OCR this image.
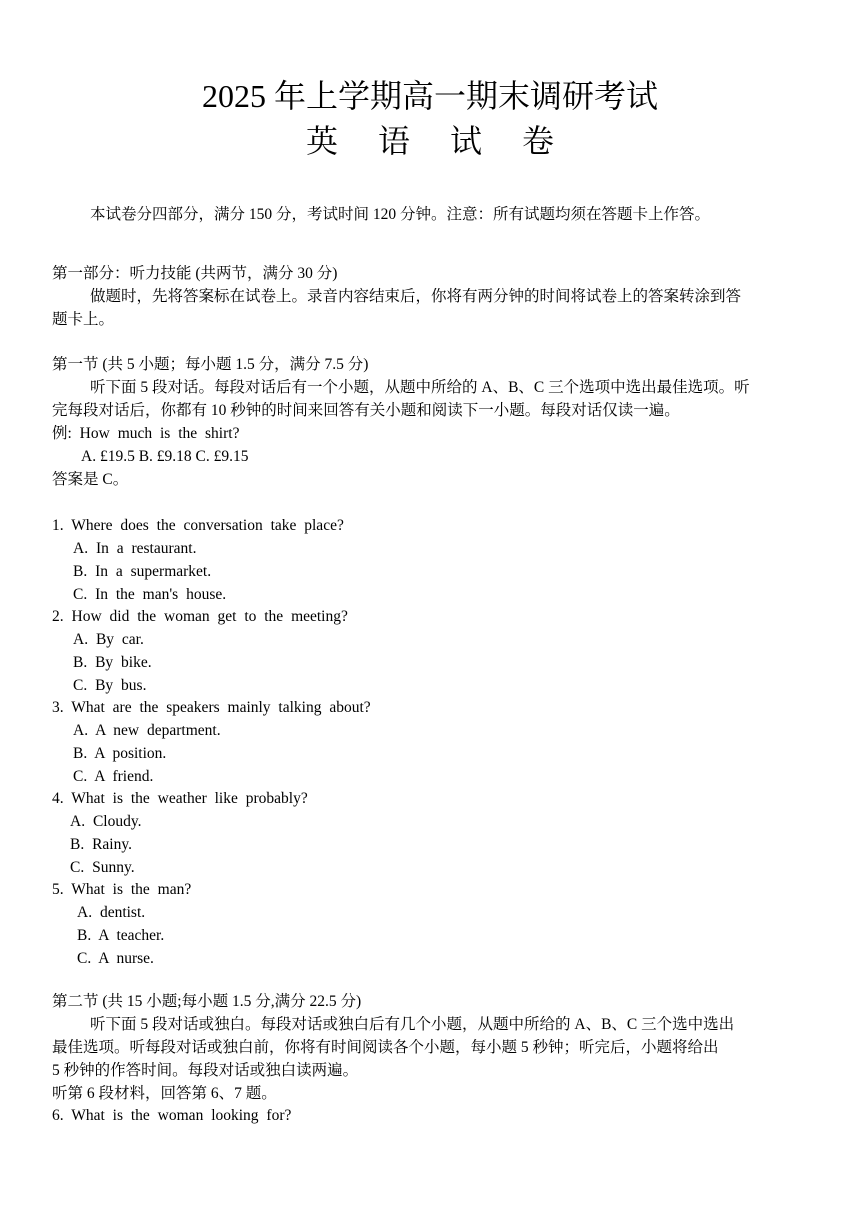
2025 年上学期高一期末调研考试
英 语 试 卷
本试卷分四部分，满分 150 分，考试时间 120 分钟。注意：所有试题均须在答题卡上作答。
第一部分：听力技能 (共两节，满分 30 分)
做题时，先将答案标在试卷上。录音内容结束后，你将有两分钟的时间将试卷上的答案转涂到答
题卡上。
第一节 (共 5 小题；每小题 1.5 分，满分 7.5 分)
听下面 5 段对话。每段对话后有一个小题，从题中所给的 A、B、C 三个选项中选出最佳选项。听
完每段对话后，你都有 10 秒钟的时间来回答有关小题和阅读下一小题。每段对话仅读一遍。
例: How much is the shirt?
A. £19.5 B. £9.18 C. £9.15
答案是 C。
1. Where does the conversation take place?
A. In a restaurant.
B. In a supermarket.
C. In the man's house.
2. How did the woman get to the meeting?
A. By car.
B. By bike.
C. By bus.
3. What are the speakers mainly talking about?
A. A new department.
B. A position.
C. A friend.
4. What is the weather like probably?
A. Cloudy.
B. Rainy.
C. Sunny.
5. What is the man?
A. dentist.
B. A teacher.
C. A nurse.
第二节 (共 15 小题;每小题 1.5 分,满分 22.5 分)
听下面 5 段对话或独白。每段对话或独白后有几个小题，从题中所给的 A、B、C 三个选中选出
最佳选项。听每段对话或独白前，你将有时间阅读各个小题，每小题 5 秒钟；听完后，小题将给出
5 秒钟的作答时间。每段对话或独白读两遍。
听第 6 段材料，回答第 6、7 题。
6. What is the woman looking for?
